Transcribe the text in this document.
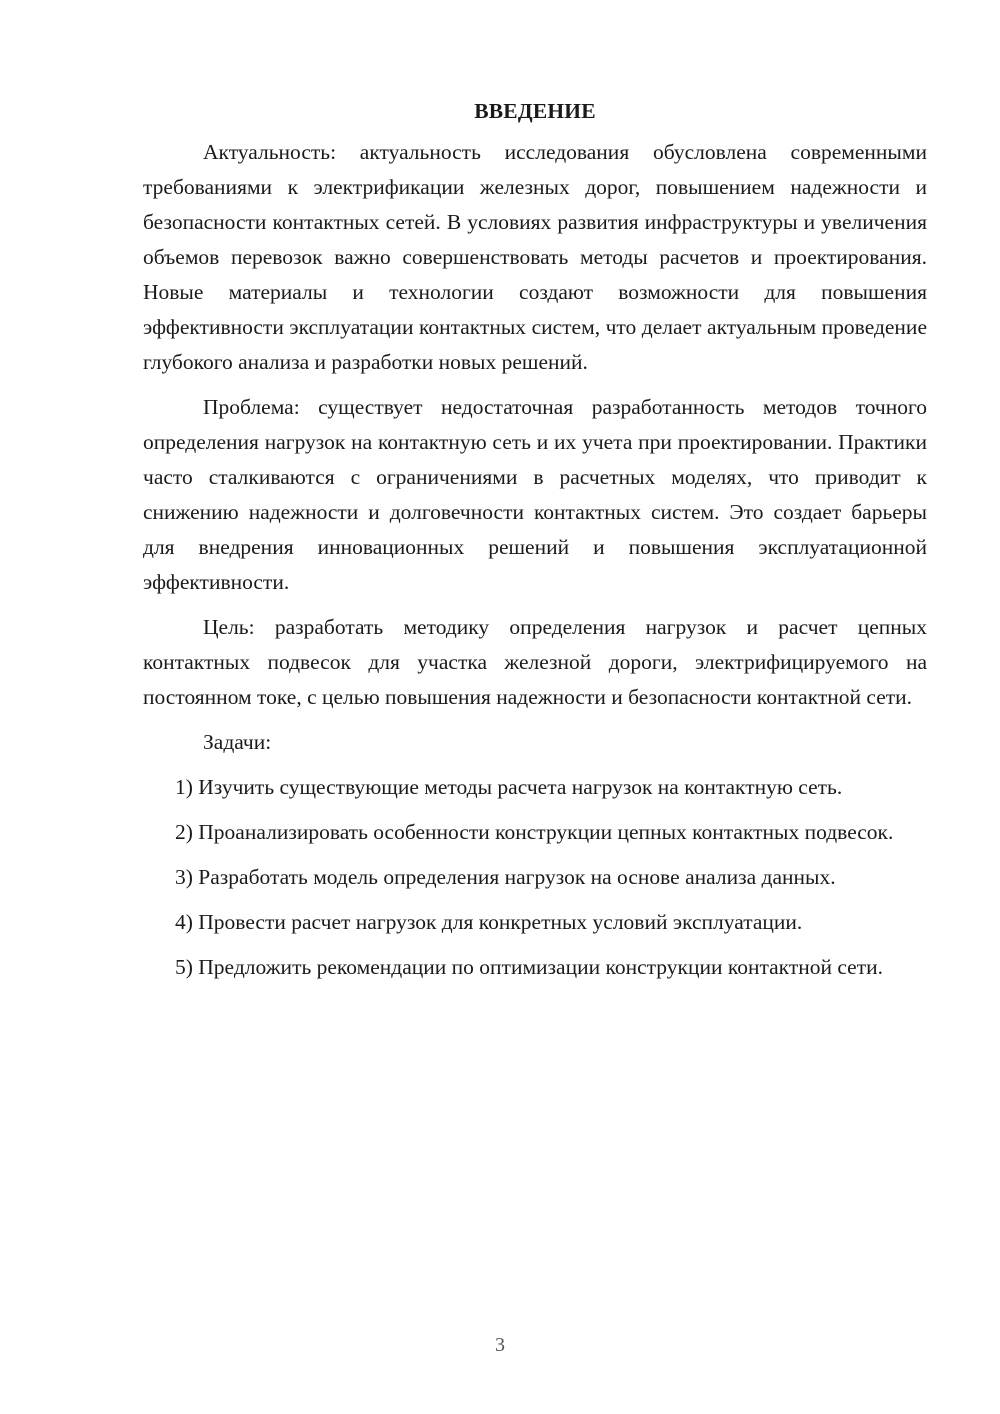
ВВЕДЕНИЕ

Актуальность: актуальность исследования обусловлена современными требованиями к электрификации железных дорог, повышением надежности и безопасности контактных сетей. В условиях развития инфраструктуры и увеличения объемов перевозок важно совершенствовать методы расчетов и проектирования. Новые материалы и технологии создают возможности для повышения эффективности эксплуатации контактных систем, что делает актуальным проведение глубокого анализа и разработки новых решений.

Проблема: существует недостаточная разработанность методов точного определения нагрузок на контактную сеть и их учета при проектировании. Практики часто сталкиваются с ограничениями в расчетных моделях, что приводит к снижению надежности и долговечности контактных систем. Это создает барьеры для внедрения инновационных решений и повышения эксплуатационной эффективности.

Цель: разработать методику определения нагрузок и расчет цепных контактных подвесок для участка железной дороги, электрифицируемого на постоянном токе, с целью повышения надежности и безопасности контактной сети.

Задачи:

1) Изучить существующие методы расчета нагрузок на контактную сеть.

2) Проанализировать особенности конструкции цепных контактных подвесок.

3) Разработать модель определения нагрузок на основе анализа данных.

4) Провести расчет нагрузок для конкретных условий эксплуатации.

5) Предложить рекомендации по оптимизации конструкции контактной сети.

3
